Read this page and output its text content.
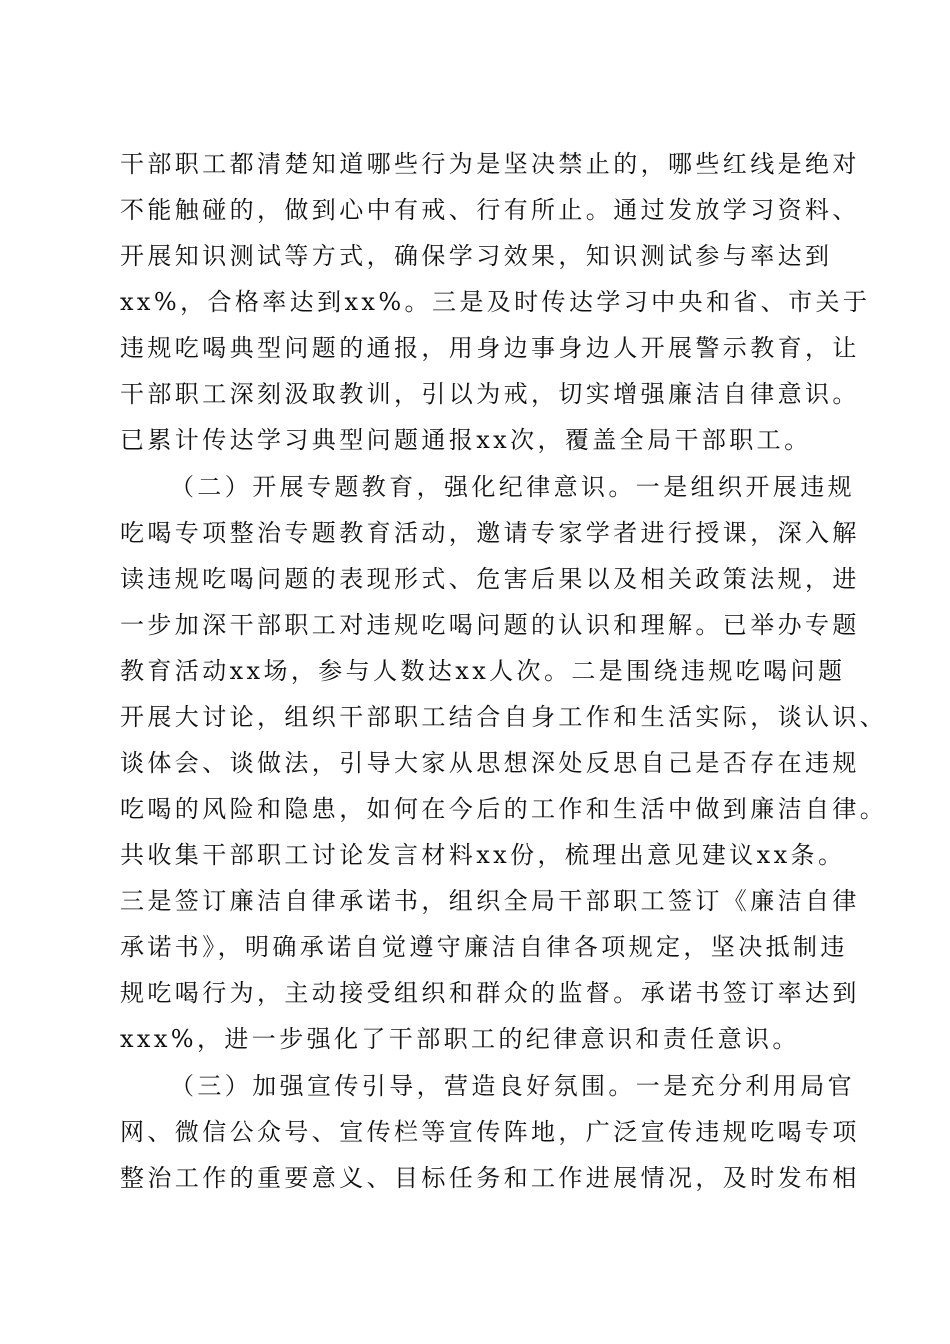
干部职工都清楚知道哪些行为是坚决禁止的，哪些红线是绝对
不能触碰的，做到心中有戒、行有所止。通过发放学习资料、
开展知识测试等方式，确保学习效果，知识测试参与率达到
xx%，合格率达到xx%。三是及时传达学习中央和省、市关于
违规吃喝典型问题的通报，用身边事身边人开展警示教育，让
干部职工深刻汲取教训，引以为戒，切实增强廉洁自律意识。
已累计传达学习典型问题通报xx次，覆盖全局干部职工。
（二）开展专题教育，强化纪律意识。一是组织开展违规
吃喝专项整治专题教育活动，邀请专家学者进行授课，深入解
读违规吃喝问题的表现形式、危害后果以及相关政策法规，进
一步加深干部职工对违规吃喝问题的认识和理解。已举办专题
教育活动xx场，参与人数达xx人次。二是围绕违规吃喝问题
开展大讨论，组织干部职工结合自身工作和生活实际，谈认识、
谈体会、谈做法，引导大家从思想深处反思自己是否存在违规
吃喝的风险和隐患，如何在今后的工作和生活中做到廉洁自律。
共收集干部职工讨论发言材料xx份，梳理出意见建议xx条。
三是签订廉洁自律承诺书，组织全局干部职工签订《廉洁自律
承诺书》，明确承诺自觉遵守廉洁自律各项规定，坚决抵制违
规吃喝行为，主动接受组织和群众的监督。承诺书签订率达到
xxx%，进一步强化了干部职工的纪律意识和责任意识。
（三）加强宣传引导，营造良好氛围。一是充分利用局官
网、微信公众号、宣传栏等宣传阵地，广泛宣传违规吃喝专项
整治工作的重要意义、目标任务和工作进展情况，及时发布相
